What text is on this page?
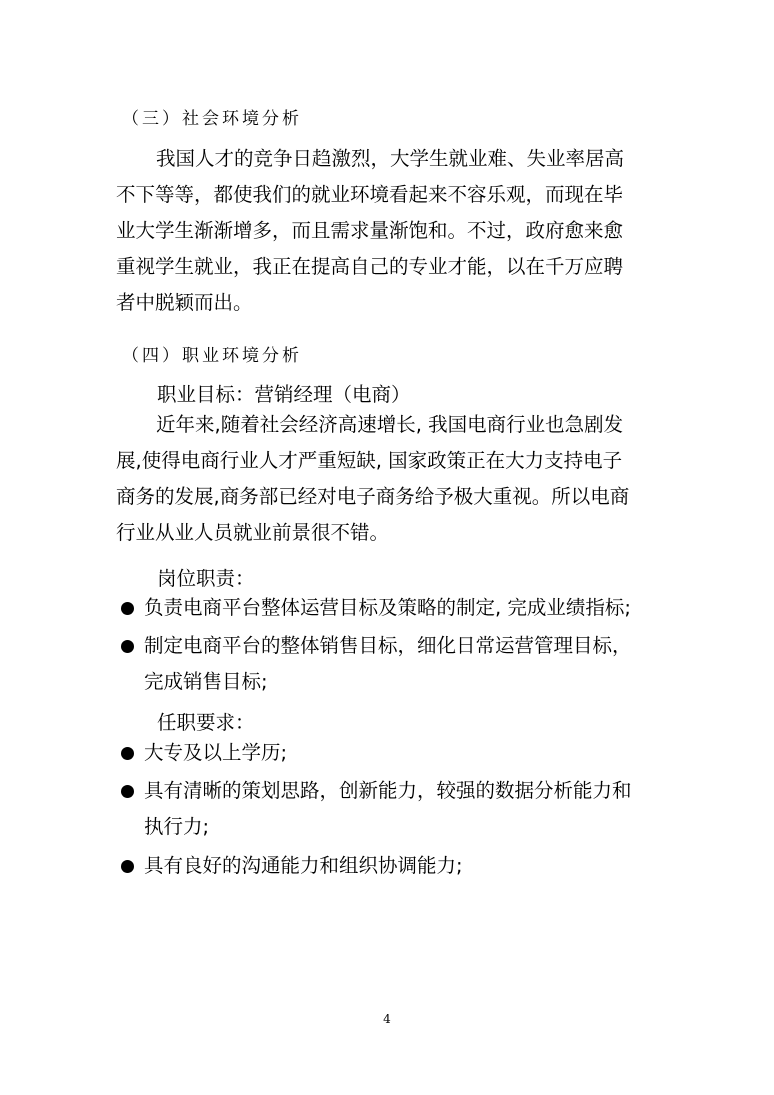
（三）社会环境分析
我国人才的竞争日趋激烈，大学生就业难、失业率居高
不下等等，都使我们的就业环境看起来不容乐观，而现在毕
业大学生渐渐增多，而且需求量渐饱和。不过，政府愈来愈
重视学生就业，我正在提高自己的专业才能，以在千万应聘
者中脱颖而出。
（四）职业环境分析
职业目标：营销经理（电商）
近年来,随着社会经济高速增长, 我国电商行业也急剧发
展,使得电商行业人才严重短缺, 国家政策正在大力支持电子
商务的发展,商务部已经对电子商务给予极大重视。所以电商
行业从业人员就业前景很不错。
岗位职责：
负责电商平台整体运营目标及策略的制定, 完成业绩指标;
制定电商平台的整体销售目标，细化日常运营管理目标，
完成销售目标;
任职要求：
大专及以上学历;
具有清晰的策划思路，创新能力，较强的数据分析能力和
执行力;
具有良好的沟通能力和组织协调能力;
4
